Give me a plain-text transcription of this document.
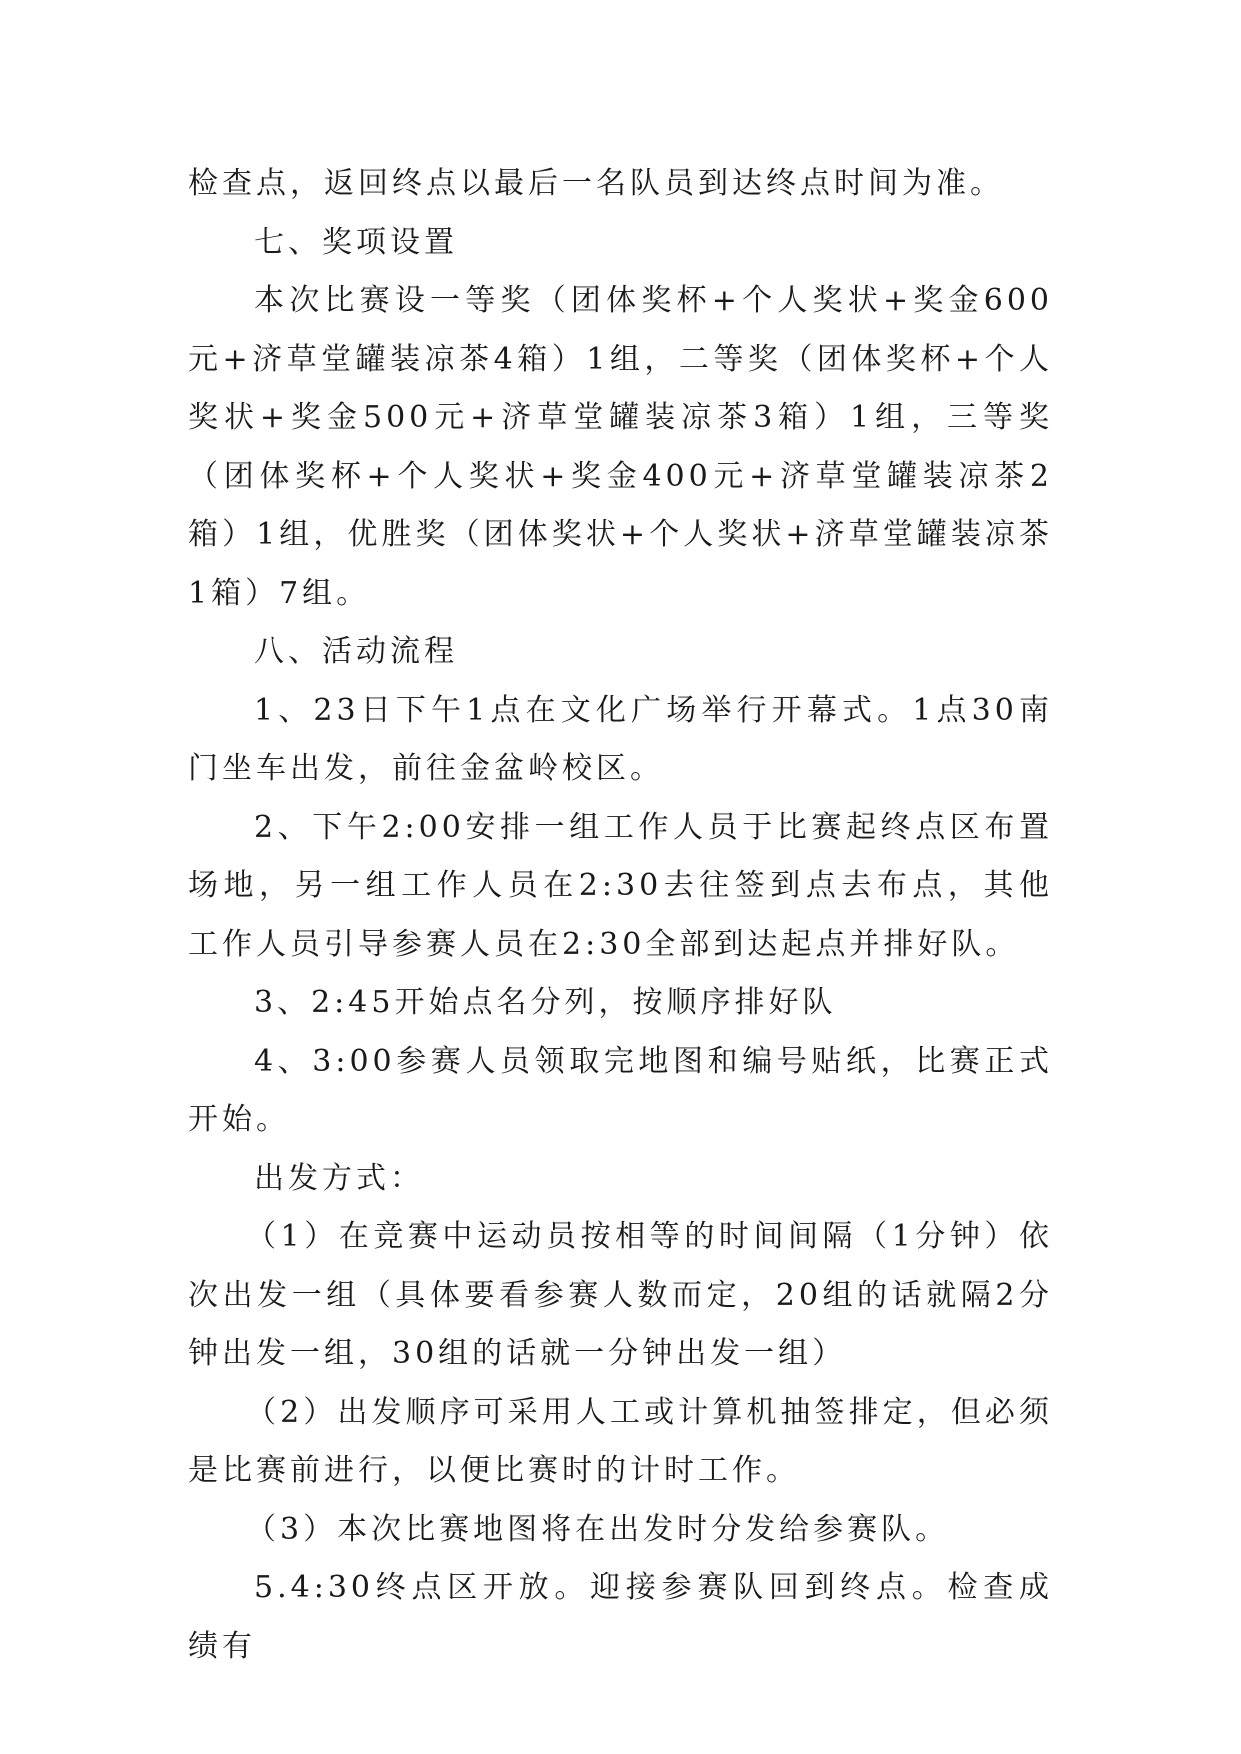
检查点，返回终点以最后一名队员到达终点时间为准。

七、奖项设置

本次比赛设一等奖（团体奖杯+个人奖状+奖金600元+济草堂罐装凉茶4箱）1组，二等奖（团体奖杯+个人奖状+奖金500元+济草堂罐装凉茶3箱）1组，三等奖（团体奖杯+个人奖状+奖金400元+济草堂罐装凉茶2箱）1组，优胜奖（团体奖状+个人奖状+济草堂罐装凉茶1箱）7组。

八、活动流程

1、23日下午1点在文化广场举行开幕式。1点30南门坐车出发，前往金盆岭校区。

2、下午2:00安排一组工作人员于比赛起终点区布置场地，另一组工作人员在2:30去往签到点去布点，其他工作人员引导参赛人员在2:30全部到达起点并排好队。

3、2:45开始点名分列，按顺序排好队

4、3:00参赛人员领取完地图和编号贴纸，比赛正式开始。

出发方式：

（1）在竞赛中运动员按相等的时间间隔（1分钟）依次出发一组（具体要看参赛人数而定，20组的话就隔2分钟出发一组，30组的话就一分钟出发一组）

（2）出发顺序可采用人工或计算机抽签排定，但必须是比赛前进行，以便比赛时的计时工作。

（3）本次比赛地图将在出发时分发给参赛队。

5.4:30终点区开放。迎接参赛队回到终点。检查成绩有
